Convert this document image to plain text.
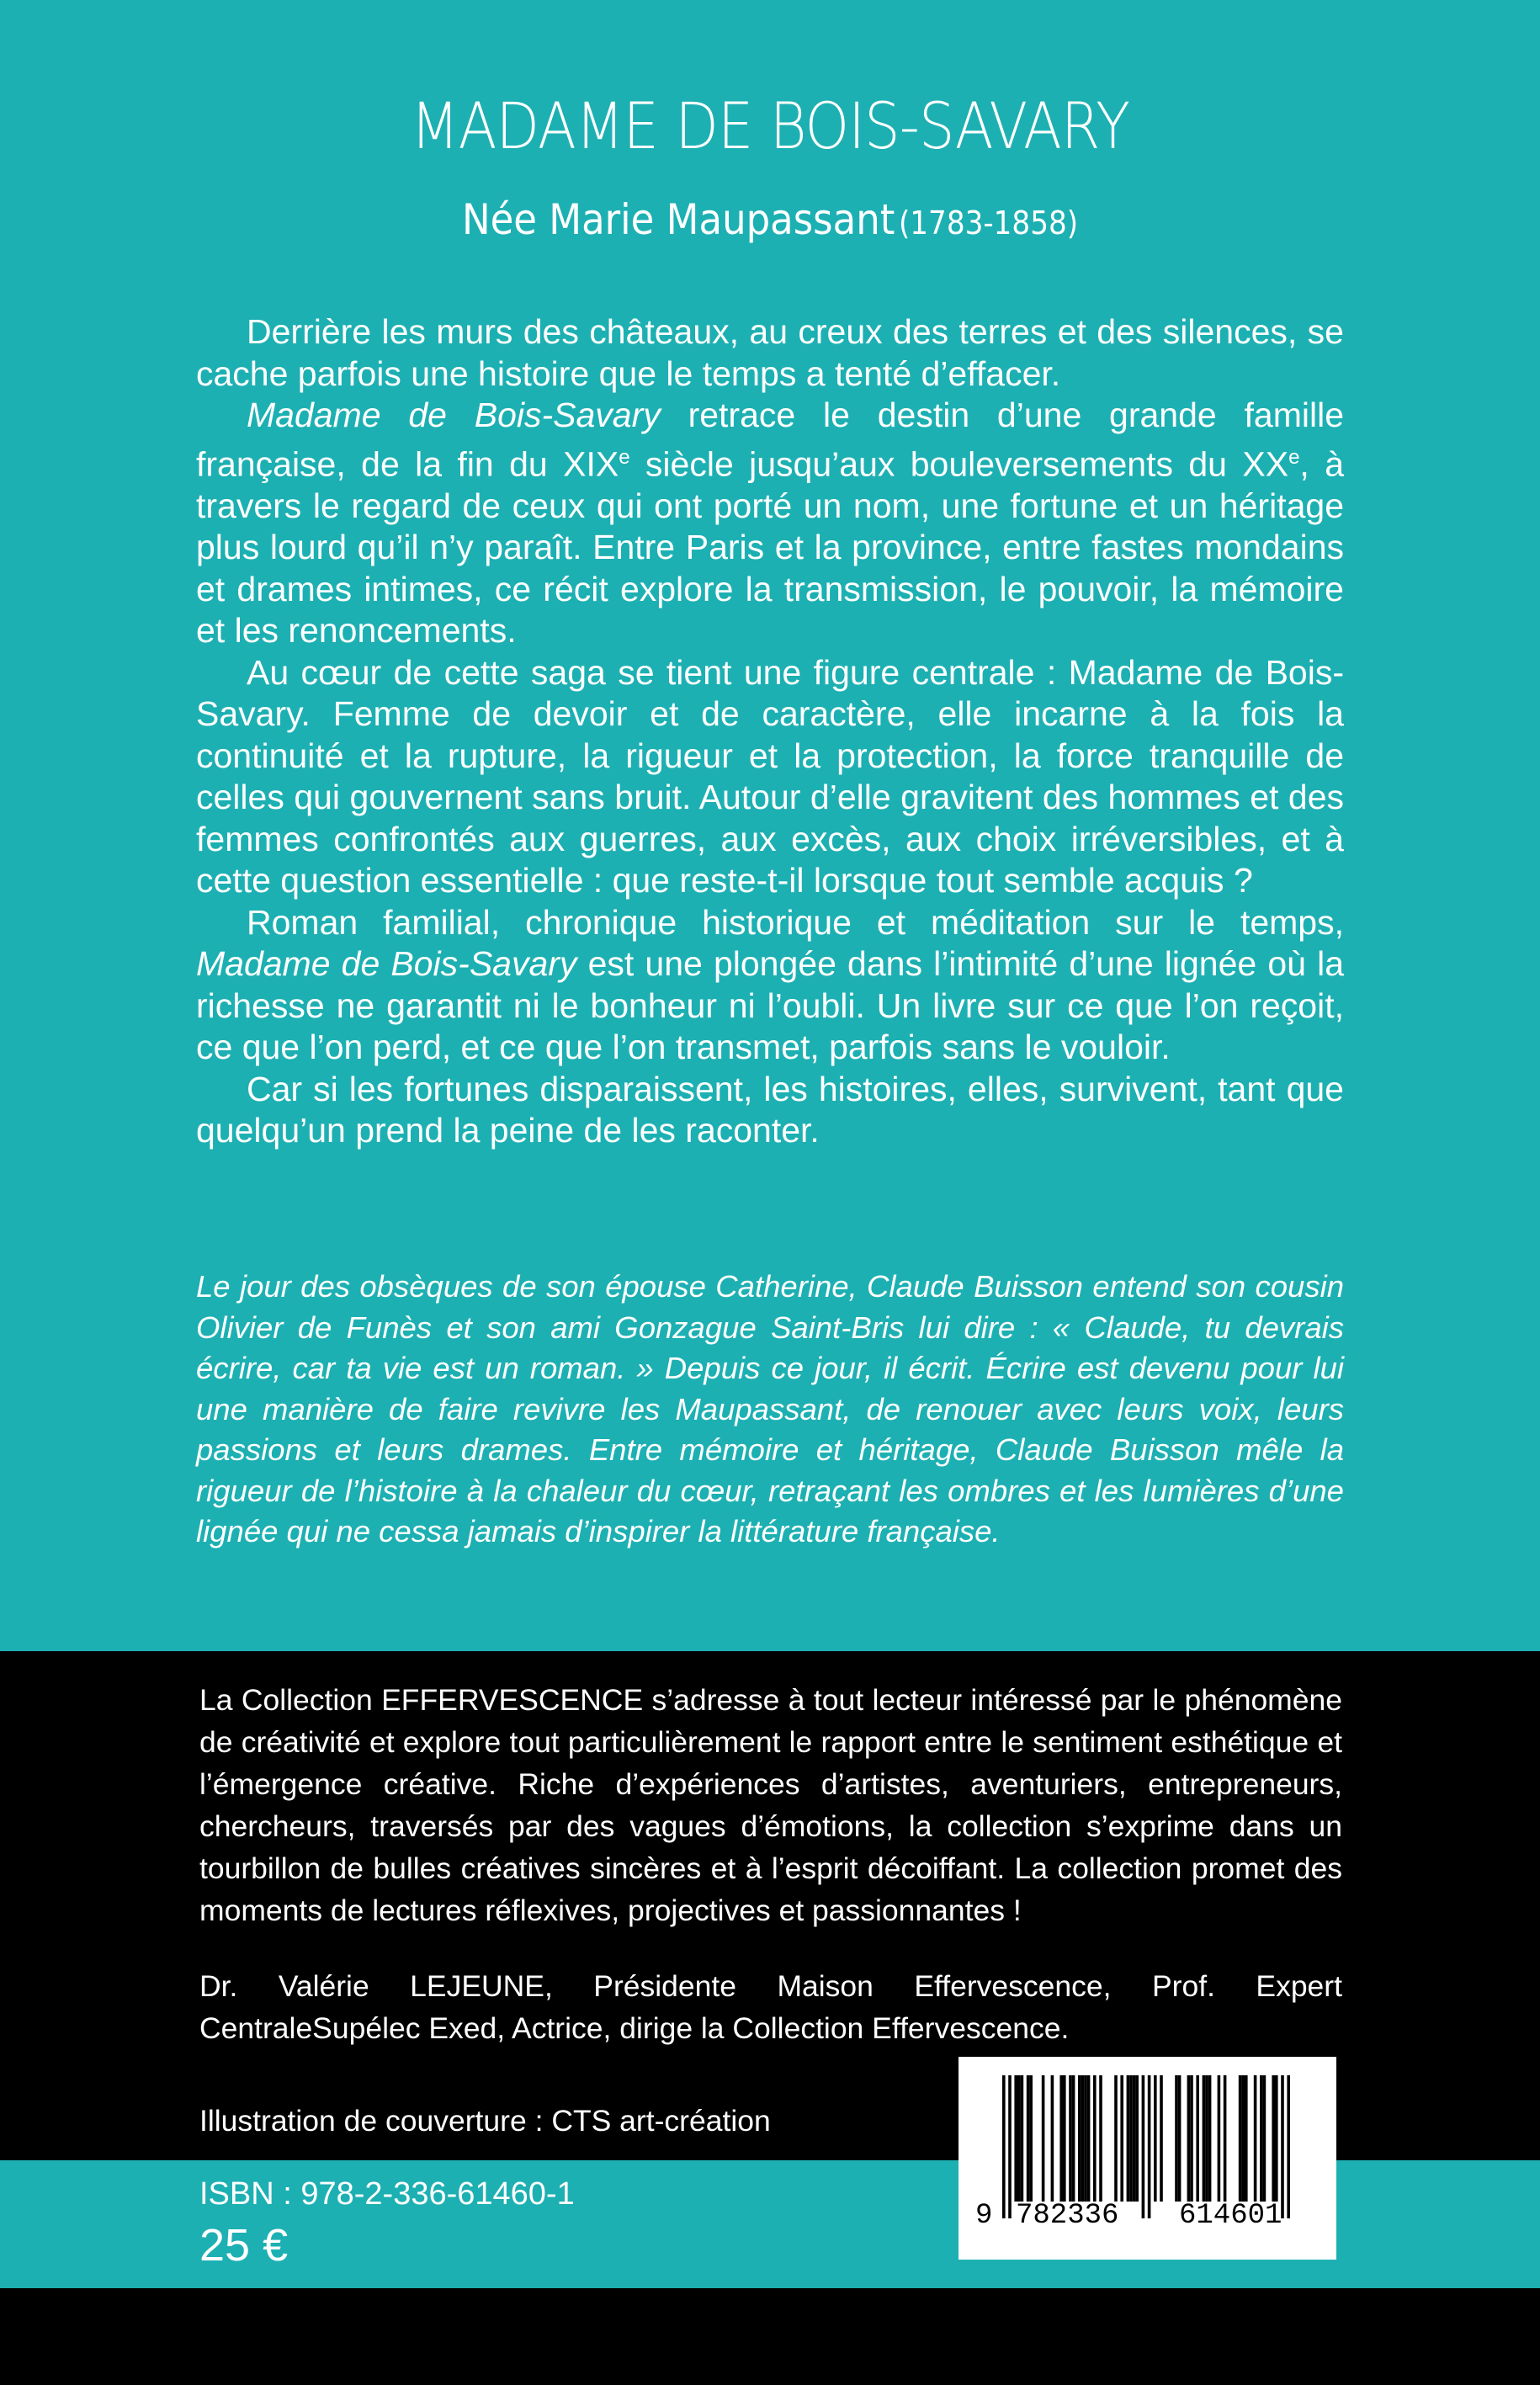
MADAME DE BOIS-SAVARY

Née Marie Maupassant (1783-1858)

Derrière les murs des châteaux, au creux des terres et des silences, se cache parfois une histoire que le temps a tenté d’effacer.

Madame de Bois-Savary retrace le destin d’une grande famille française, de la fin du XIXe siècle jusqu’aux bouleversements du XXe, à travers le regard de ceux qui ont porté un nom, une fortune et un héritage plus lourd qu’il n’y paraît. Entre Paris et la province, entre fastes mondains et drames intimes, ce récit explore la transmission, le pouvoir, la mémoire et les renoncements.

Au cœur de cette saga se tient une figure centrale : Madame de Bois-Savary. Femme de devoir et de caractère, elle incarne à la fois la continuité et la rupture, la rigueur et la protection, la force tranquille de celles qui gouvernent sans bruit. Autour d’elle gravitent des hommes et des femmes confrontés aux guerres, aux excès, aux choix irréversibles, et à cette question essentielle : que reste-t-il lorsque tout semble acquis ?

Roman familial, chronique historique et méditation sur le temps, Madame de Bois-Savary est une plongée dans l’intimité d’une lignée où la richesse ne garantit ni le bonheur ni l’oubli. Un livre sur ce que l’on reçoit, ce que l’on perd, et ce que l’on transmet, parfois sans le vouloir.

Car si les fortunes disparaissent, les histoires, elles, survivent, tant que quelqu’un prend la peine de les raconter.

Le jour des obsèques de son épouse Catherine, Claude Buisson entend son cousin Olivier de Funès et son ami Gonzague Saint-Bris lui dire : « Claude, tu devrais écrire, car ta vie est un roman. » Depuis ce jour, il écrit. Écrire est devenu pour lui une manière de faire revivre les Maupassant, de renouer avec leurs voix, leurs passions et leurs drames. Entre mémoire et héritage, Claude Buisson mêle la rigueur de l’histoire à la chaleur du cœur, retraçant les ombres et les lumières d’une lignée qui ne cessa jamais d’inspirer la littérature française.

La Collection EFFERVESCENCE s’adresse à tout lecteur intéressé par le phénomène de créativité et explore tout particulièrement le rapport entre le sentiment esthétique et l’émergence créative. Riche d’expériences d’artistes, aventuriers, entrepreneurs, chercheurs, traversés par des vagues d’émotions, la collection s’exprime dans un tourbillon de bulles créatives sincères et à l’esprit décoiffant. La collection promet des moments de lectures réflexives, projectives et passionnantes !

Dr. Valérie LEJEUNE, Présidente Maison Effervescence, Prof. Expert CentraleSupélec Exed, Actrice, dirige la Collection Effervescence.

Illustration de couverture : CTS art-création

ISBN : 978-2-336-61460-1

25 €

9 782336 614601
